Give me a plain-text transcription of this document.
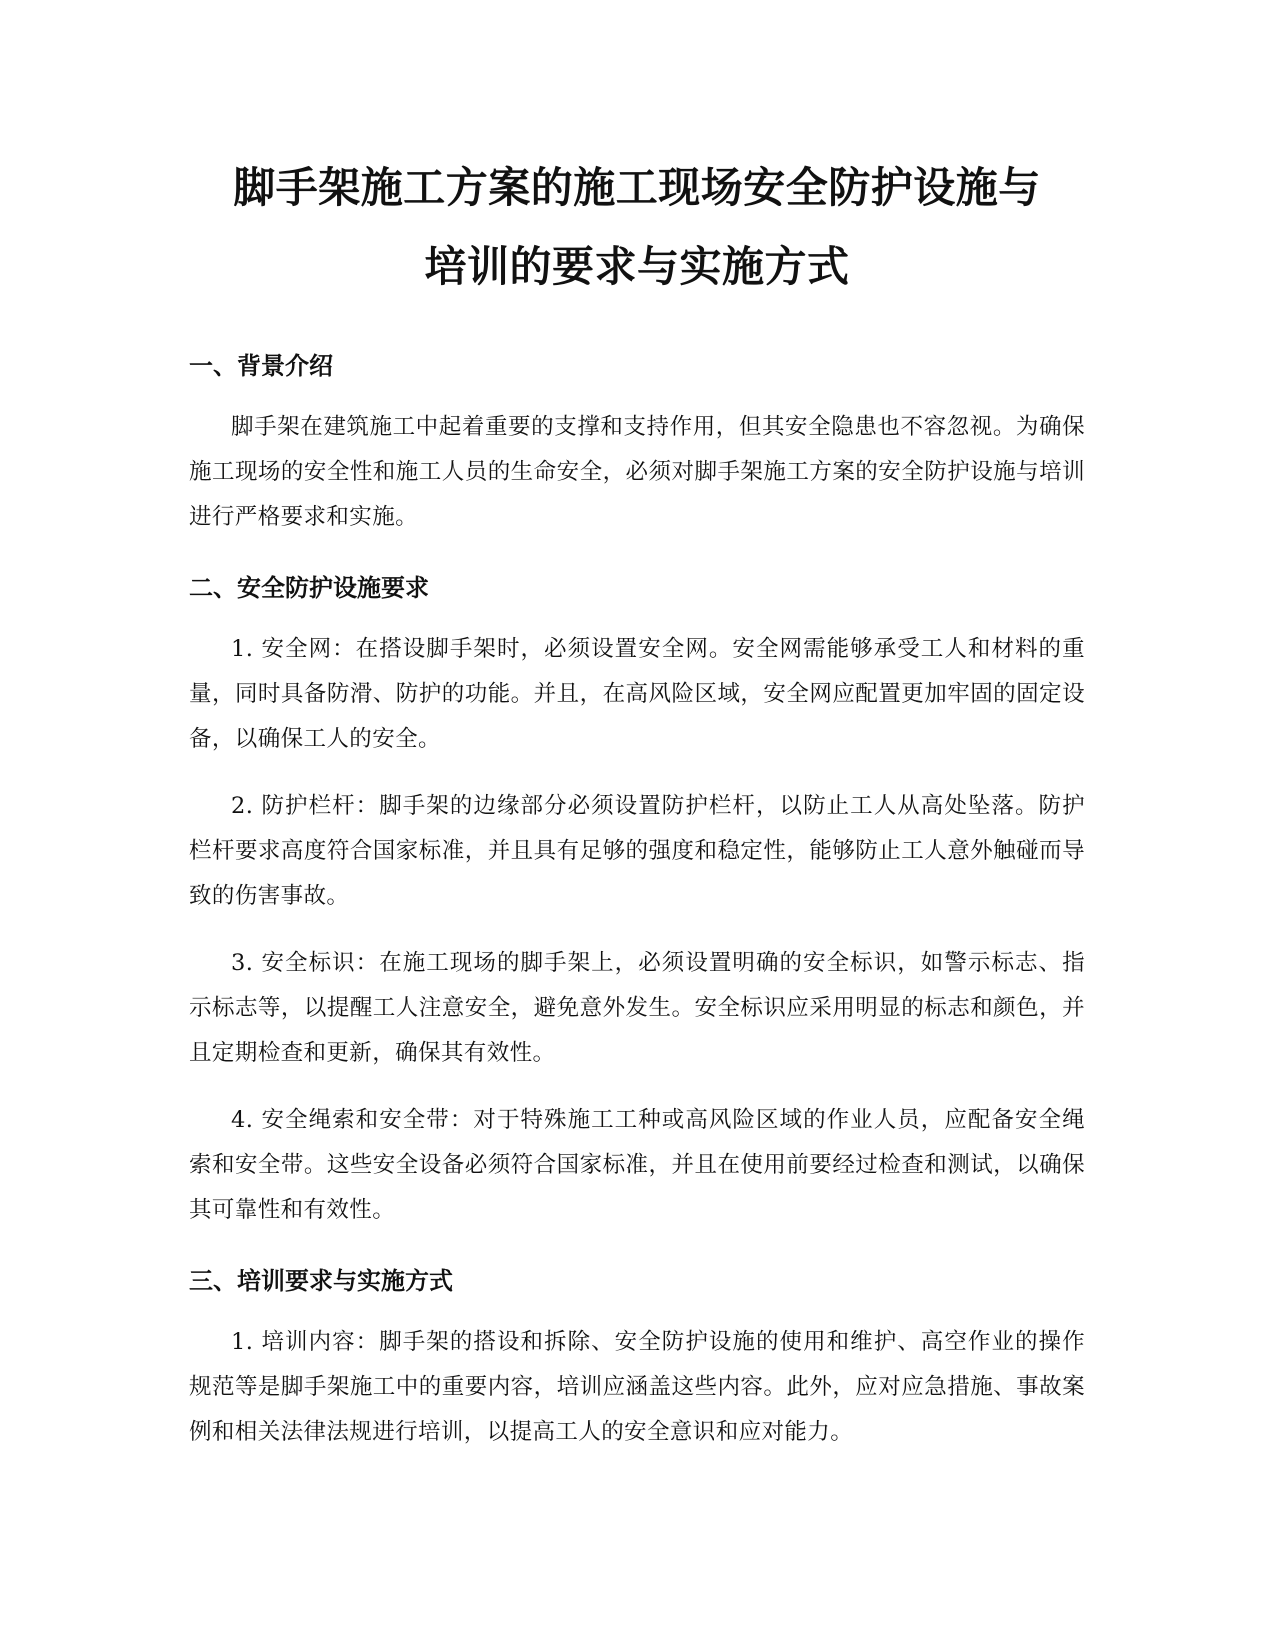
脚手架施工方案的施工现场安全防护设施与
培训的要求与实施方式
一、背景介绍

脚手架在建筑施工中起着重要的支撑和支持作用，但其安全隐患也不容忽视。为确保施工现场的安全性和施工人员的生命安全，必须对脚手架施工方案的安全防护设施与培训进行严格要求和实施。

二、安全防护设施要求

1. 安全网：在搭设脚手架时，必须设置安全网。安全网需能够承受工人和材料的重量，同时具备防滑、防护的功能。并且，在高风险区域，安全网应配置更加牢固的固定设备，以确保工人的安全。

2. 防护栏杆：脚手架的边缘部分必须设置防护栏杆，以防止工人从高处坠落。防护栏杆要求高度符合国家标准，并且具有足够的强度和稳定性，能够防止工人意外触碰而导致的伤害事故。

3. 安全标识：在施工现场的脚手架上，必须设置明确的安全标识，如警示标志、指示标志等，以提醒工人注意安全，避免意外发生。安全标识应采用明显的标志和颜色，并且定期检查和更新，确保其有效性。

4. 安全绳索和安全带：对于特殊施工工种或高风险区域的作业人员，应配备安全绳索和安全带。这些安全设备必须符合国家标准，并且在使用前要经过检查和测试，以确保其可靠性和有效性。

三、培训要求与实施方式

1. 培训内容：脚手架的搭设和拆除、安全防护设施的使用和维护、高空作业的操作规范等是脚手架施工中的重要内容，培训应涵盖这些内容。此外，应对应急措施、事故案例和相关法律法规进行培训，以提高工人的安全意识和应对能力。
